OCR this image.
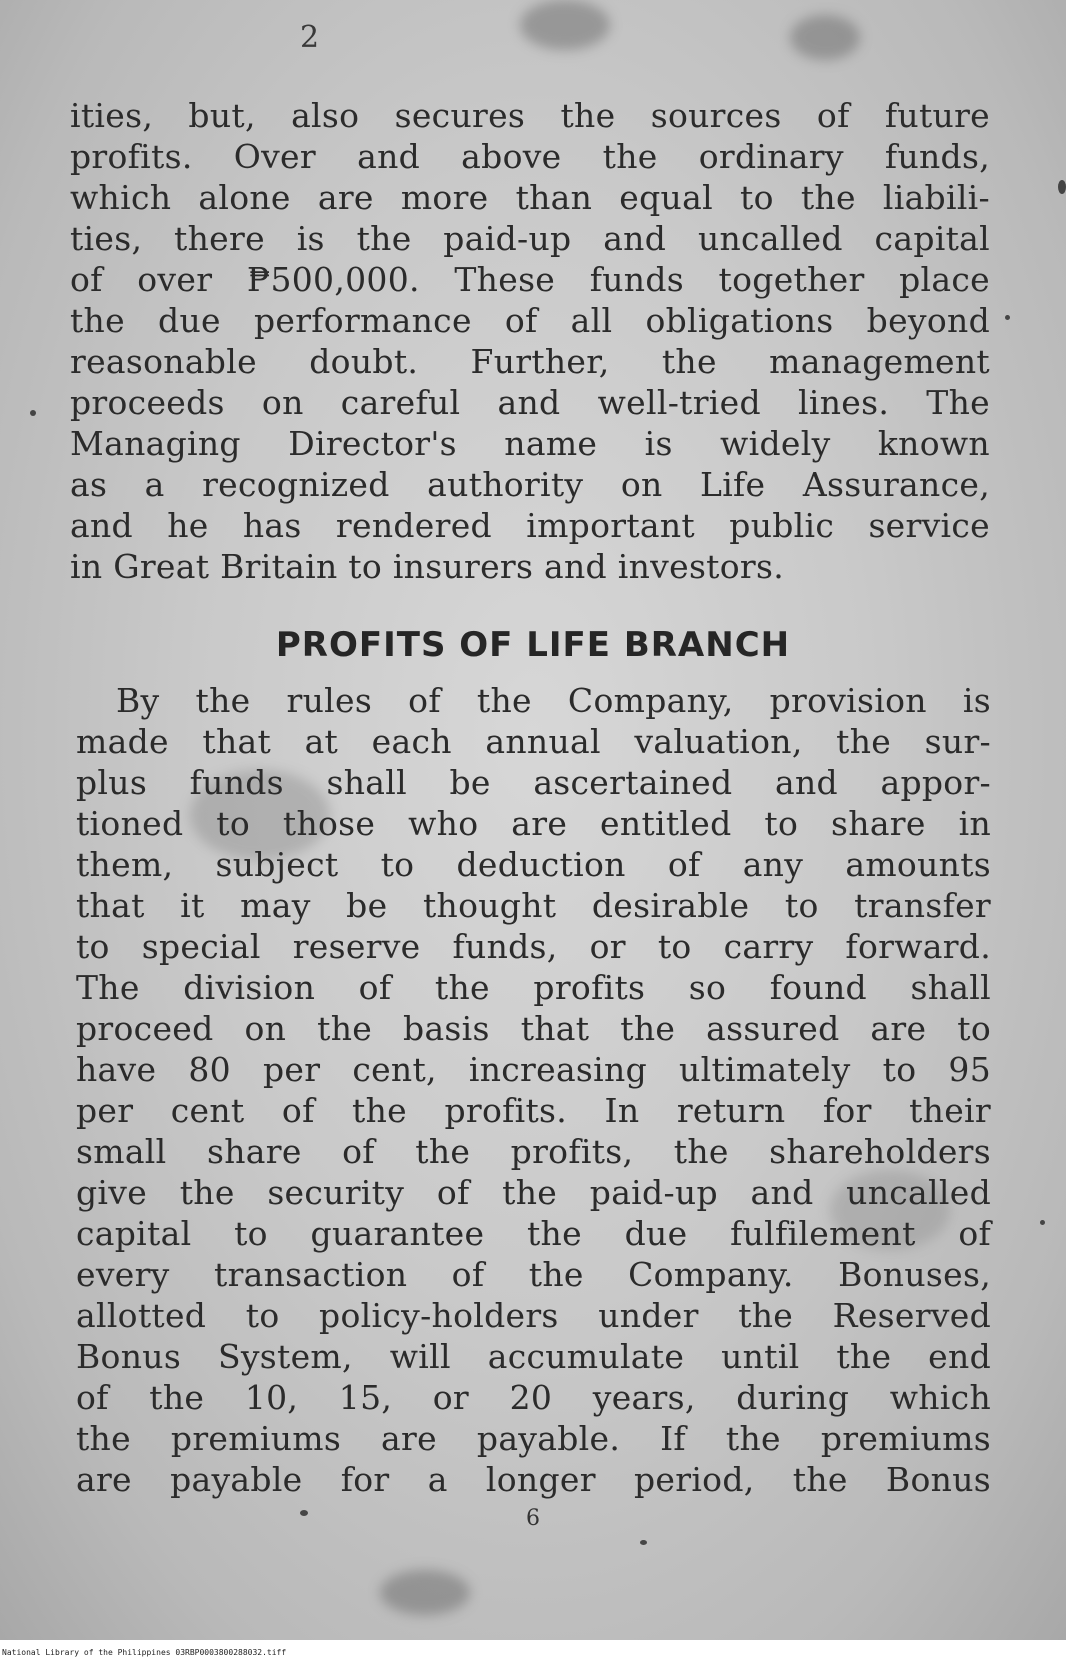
2
ities, but, also secures the sources of future
profits. Over and above the ordinary funds,
which alone are more than equal to the liabili-
ties, there is the paid-up and uncalled capital
of over ₱500,000. These funds together place
the due performance of all obligations beyond
reasonable doubt. Further, the management
proceeds on careful and well-tried lines. The
Managing Director's name is widely known
as a recognized authority on Life Assurance,
and he has rendered important public service
in Great Britain to insurers and investors.
PROFITS OF LIFE BRANCH
By the rules of the Company, provision is
made that at each annual valuation, the sur-
plus funds shall be ascertained and appor-
tioned to those who are entitled to share in
them, subject to deduction of any amounts
that it may be thought desirable to transfer
to special reserve funds, or to carry forward.
The division of the profits so found shall
proceed on the basis that the assured are to
have 80 per cent, increasing ultimately to 95
per cent of the profits. In return for their
small share of the profits, the shareholders
give the security of the paid-up and uncalled
capital to guarantee the due fulfilement of
every transaction of the Company. Bonuses,
allotted to policy-holders under the Reserved
Bonus System, will accumulate until the end
of the 10, 15, or 20 years, during which
the premiums are payable. If the premiums
are payable for a longer period, the Bonus
6
National Library of the Philippines 03RBP0003800288032.tiff
